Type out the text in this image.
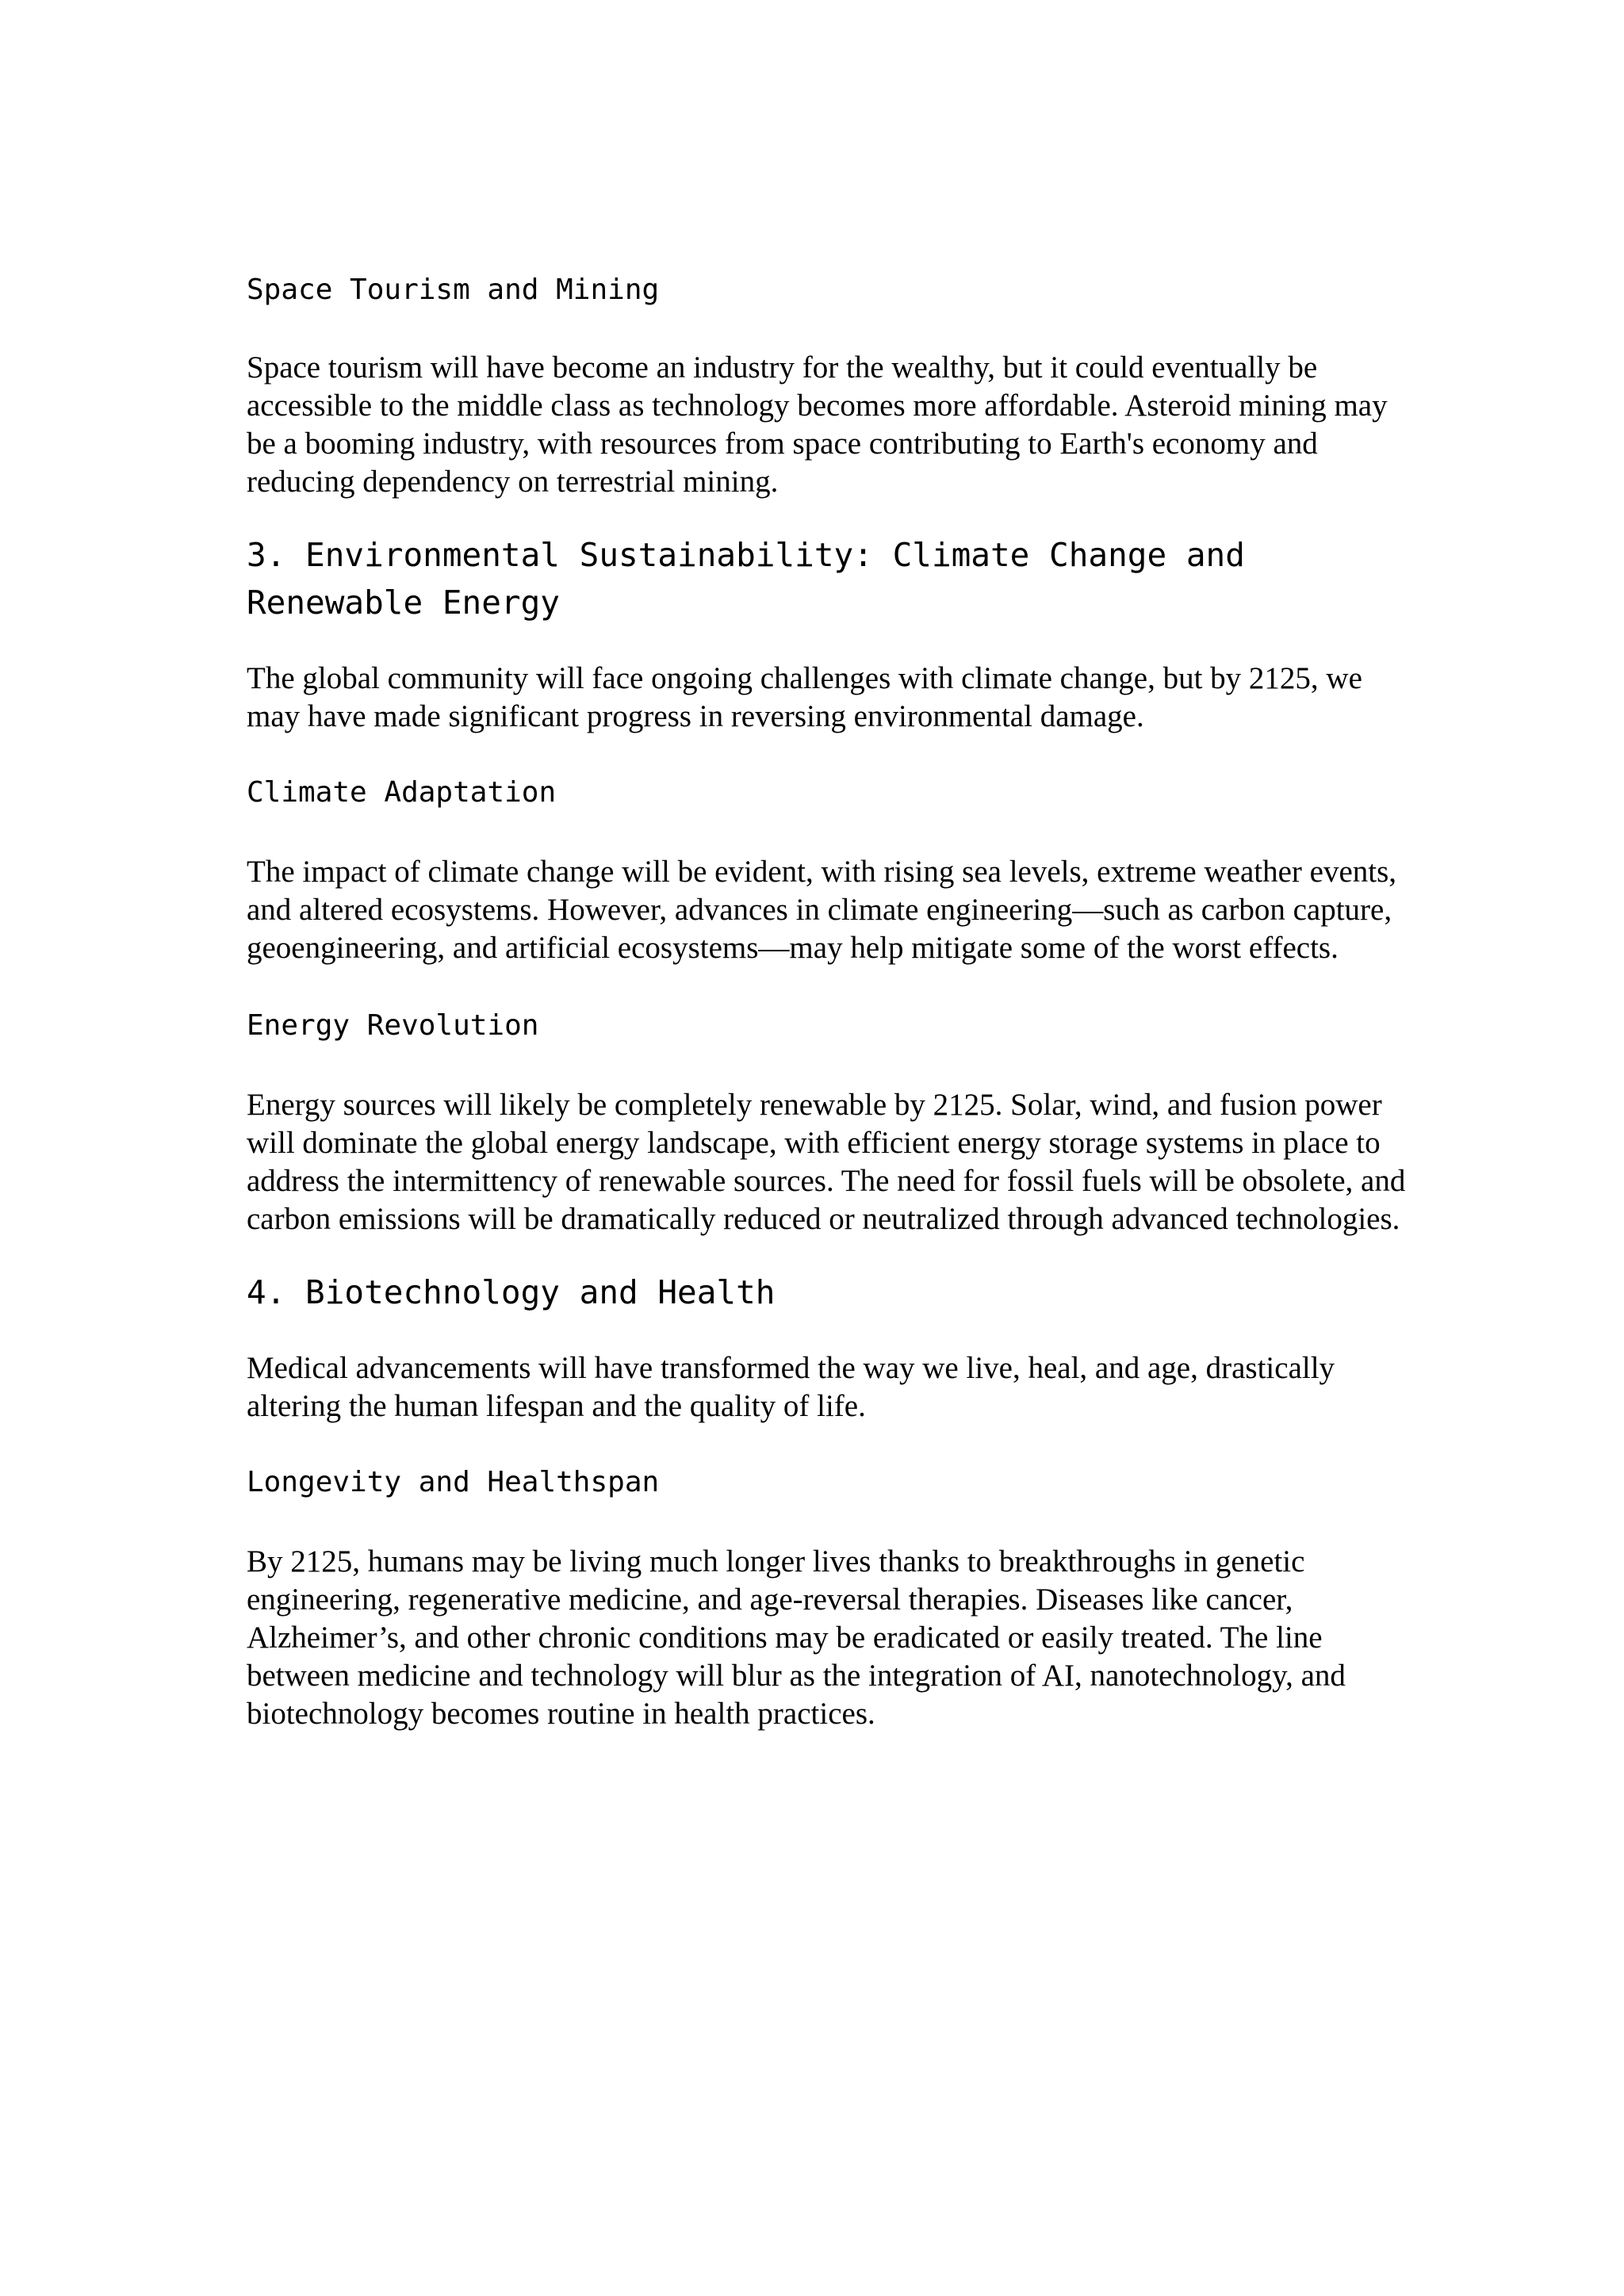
Space Tourism and Mining

Space tourism will have become an industry for the wealthy, but it could eventually be accessible to the middle class as technology becomes more affordable. Asteroid mining may be a booming industry, with resources from space contributing to Earth's economy and reducing dependency on terrestrial mining.

3. Environmental Sustainability: Climate Change and Renewable Energy

The global community will face ongoing challenges with climate change, but by 2125, we may have made significant progress in reversing environmental damage.

Climate Adaptation

The impact of climate change will be evident, with rising sea levels, extreme weather events, and altered ecosystems. However, advances in climate engineering—such as carbon capture, geoengineering, and artificial ecosystems—may help mitigate some of the worst effects.

Energy Revolution

Energy sources will likely be completely renewable by 2125. Solar, wind, and fusion power will dominate the global energy landscape, with efficient energy storage systems in place to address the intermittency of renewable sources. The need for fossil fuels will be obsolete, and carbon emissions will be dramatically reduced or neutralized through advanced technologies.

4. Biotechnology and Health

Medical advancements will have transformed the way we live, heal, and age, drastically altering the human lifespan and the quality of life.

Longevity and Healthspan

By 2125, humans may be living much longer lives thanks to breakthroughs in genetic engineering, regenerative medicine, and age-reversal therapies. Diseases like cancer, Alzheimer’s, and other chronic conditions may be eradicated or easily treated. The line between medicine and technology will blur as the integration of AI, nanotechnology, and biotechnology becomes routine in health practices.
